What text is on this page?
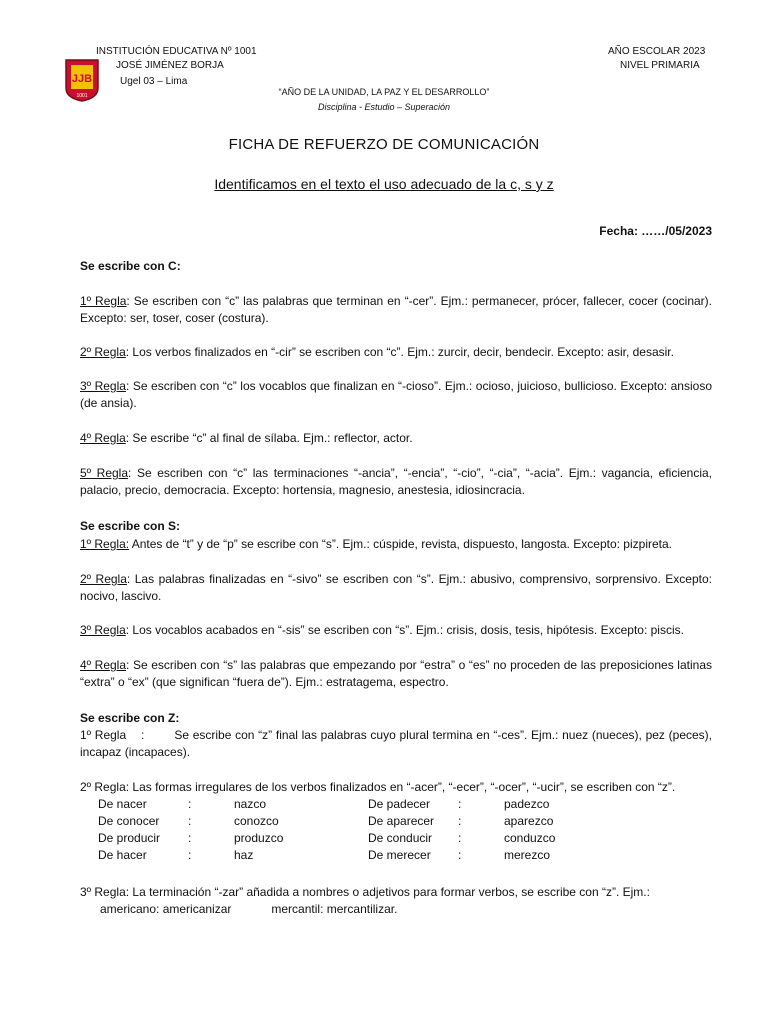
INSTITUCIÓN EDUCATIVA Nº 1001
JOSÉ JIMÉNEZ BORJA
Ugel 03 – Lima
AÑO ESCOLAR 2023
NIVEL PRIMARIA
JJB
1001	“AÑO DE LA UNIDAD, LA PAZ Y EL DESARROLLO”
Disciplina - Estudio – Superación
FICHA DE REFUERZO DE COMUNICACIÓN
Identificamos en el texto el uso adecuado de la c, s y z
Fecha: ……/05/2023
Se escribe con C:
1º Regla: Se escriben con “c” las palabras que terminan en “-cer”. Ejm.: permanecer, prócer, fallecer, cocer (cocinar). Excepto: ser, toser, coser (costura).
2º Regla: Los verbos finalizados en “-cir” se escriben con “c”. Ejm.: zurcir, decir, bendecir. Excepto: asir, desasir.
3º Regla: Se escriben con “c” los vocablos que finalizan en “-cioso”. Ejm.: ocioso, juicioso, bullicioso. Excepto: ansioso (de ansia).
4º Regla: Se escribe “c” al final de sílaba. Ejm.: reflector, actor.
5º Regla: Se escriben con “c” las terminaciones “-ancia”, “-encia”, “-cio”, “-cia”, “-acia”. Ejm.: vagancia, eficiencia, palacio, precio, democracia. Excepto: hortensia, magnesio, anestesia, idiosincracia.
Se escribe con S:
1º Regla: Antes de “t” y de “p” se escribe con “s”. Ejm.: cúspide, revista, dispuesto, langosta. Excepto: pizpireta.
2º Regla: Las palabras finalizadas en “-sivo” se escriben con “s”. Ejm.: abusivo, comprensivo, sorprensivo. Excepto: nocivo, lascivo.
3º Regla: Los vocablos acabados en “-sis” se escriben con “s”. Ejm.: crisis, dosis, tesis, hipótesis. Excepto: piscis.
4º Regla: Se escriben con “s” las palabras que empezando por “estra” o “es” no proceden de las preposiciones latinas “extra” o “ex” (que significan “fuera de”). Ejm.: estratagema, espectro.
Se escribe con Z:
1º Regla    :	Se escribe con “z” final las palabras cuyo plural termina en “-ces”. Ejm.: nuez (nueces), pez (peces), incapaz (incapaces).
2º Regla: Las formas irregulares de los verbos finalizados en “-acer”, “-ecer”, “-ocer”, “-ucir”, se escriben con “z”.
De nacer	:	nazco	De padecer	:	padezco
De conocer	:	conozco	De aparecer	:	aparezco
De producir	:	produzco	De conducir	:	conduzco
De hacer	:	haz	De merecer	:	merezco
3º Regla: La terminación “-zar” añadida a nombres o adjetivos para formar verbos, se escribe con “z”. Ejm.:
americano: americanizar	mercantil: mercantilizar.
